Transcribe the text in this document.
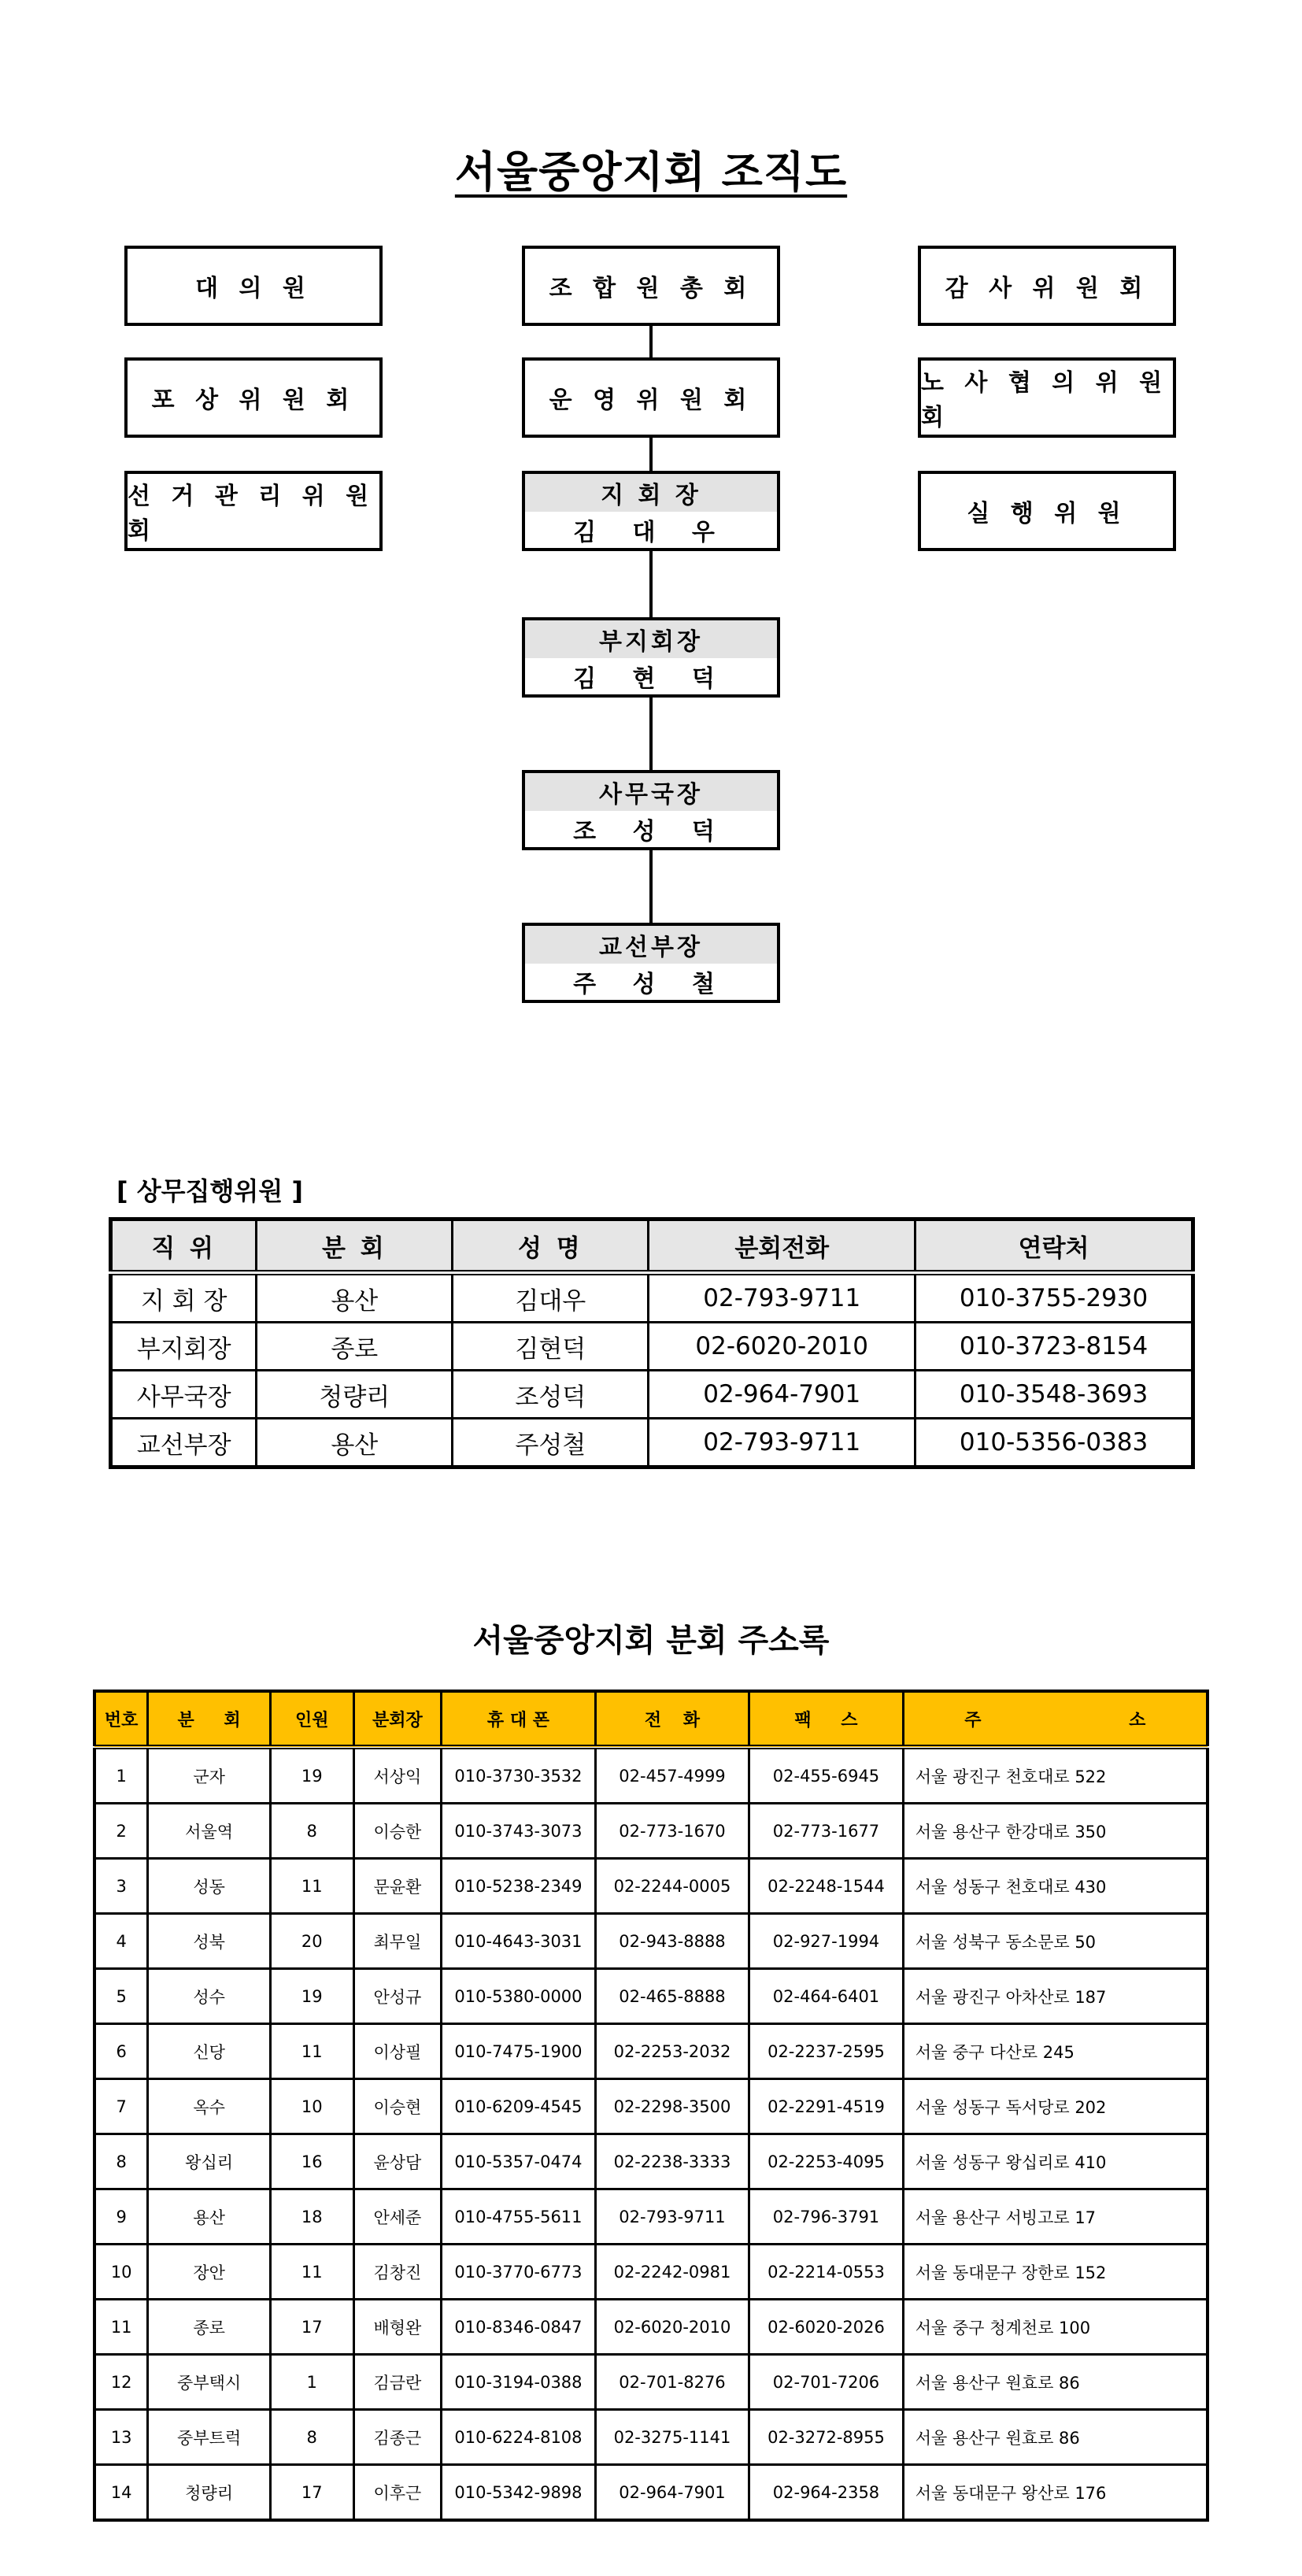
서울중앙지회 조직도
대 의 원
포 상 위 원 회
선 거 관 리 위 원 회
조 합 원 총 회
운 영 위 원 회
감 사 위 원 회
노 사 협 의 위 원 회
실 행 위 원
지 회 장
김 대 우
부지회장
김 현 덕
사무국장
조 성 덕
교선부장
주 성 철
[ 상무집행위원 ]
직 위	분 회	성 명	분회전화	연락처
지 회 장	용산	김대우	02-793-9711	010-3755-2930
부지회장	종로	김현덕	02-6020-2010	010-3723-8154
사무국장	청량리	조성덕	02-964-7901	010-3548-3693
교선부장	용산	주성철	02-793-9711	010-5356-0383
서울중앙지회 분회 주소록
번호	분 회	인원	분회장	휴 대 폰	전 화	팩 스	주 소
1	군자	19	서상익	010-3730-3532	02-457-4999	02-455-6945	서울 광진구 천호대로 522
2	서울역	8	이승한	010-3743-3073	02-773-1670	02-773-1677	서울 용산구 한강대로 350
3	성동	11	문윤환	010-5238-2349	02-2244-0005	02-2248-1544	서울 성동구 천호대로 430
4	성북	20	최무일	010-4643-3031	02-943-8888	02-927-1994	서울 성북구 동소문로 50
5	성수	19	안성규	010-5380-0000	02-465-8888	02-464-6401	서울 광진구 아차산로 187
6	신당	11	이상필	010-7475-1900	02-2253-2032	02-2237-2595	서울 중구 다산로 245
7	옥수	10	이승현	010-6209-4545	02-2298-3500	02-2291-4519	서울 성동구 독서당로 202
8	왕십리	16	윤상담	010-5357-0474	02-2238-3333	02-2253-4095	서울 성동구 왕십리로 410
9	용산	18	안세준	010-4755-5611	02-793-9711	02-796-3791	서울 용산구 서빙고로 17
10	장안	11	김창진	010-3770-6773	02-2242-0981	02-2214-0553	서울 동대문구 장한로 152
11	종로	17	배형완	010-8346-0847	02-6020-2010	02-6020-2026	서울 중구 청계천로 100
12	중부택시	1	김금란	010-3194-0388	02-701-8276	02-701-7206	서울 용산구 원효로 86
13	중부트럭	8	김종근	010-6224-8108	02-3275-1141	02-3272-8955	서울 용산구 원효로 86
14	청량리	17	이후근	010-5342-9898	02-964-7901	02-964-2358	서울 동대문구 왕산로 176
